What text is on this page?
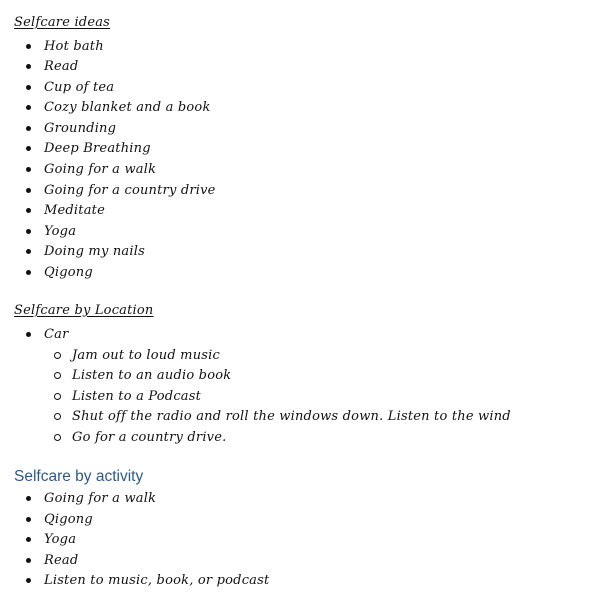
Selfcare ideas
Hot bath
Read
Cup of tea
Cozy blanket and a book
Grounding
Deep Breathing
Going for a walk
Going for a country drive
Meditate
Yoga
Doing my nails
Qigong
Selfcare by Location
Car
Jam out to loud music
Listen to an audio book
Listen to a Podcast
Shut off the radio and roll the windows down. Listen to the wind
Go for a country drive.
Selfcare by activity
Going for a walk
Qigong
Yoga
Read
Listen to music, book, or podcast
